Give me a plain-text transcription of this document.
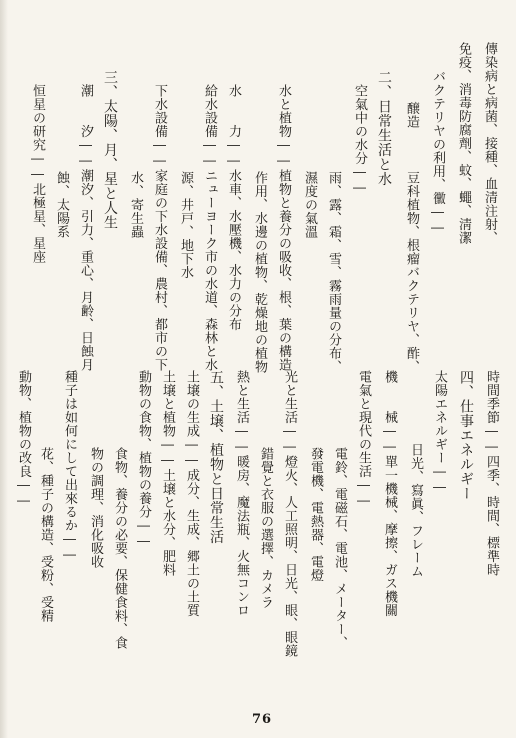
傳染病と病菌、接種、血清注射、
免疫、消毒防腐劑、蚊、蠅、淸潔
バクテリヤの利用、黴――
　醸造　　 豆科植物、根瘤バクテリヤ、酢、
二、日常生活と水
空氣中の水分――
　　雨、露、霜、雪、霧雨量の分布、
　　濕度の氣溫
水と植物――植物と養分の吸收、根、葉の構造
　　作用、水邊の植物、乾燥地の植物
水　　力――水車、水壓機、水力の分布
給水設備――ニューヨーク市の水道、森林と水
　　源、井戸、地下水
下水設備――家庭の下水設備、農村、都市の下
　　水、寄生蟲
三、太陽、月、星と人生
潮　　汐――潮汐、引力、重心、月齢、日蝕月
　　蝕、太陽系
恒星の研究――北極星、星座
時間季節――四季、時間、標準時
四、仕事エネルギー
太陽エネルギー――
　　日光、寫眞、フレーム
機　　械――單一機械、摩擦、ガス機關
電氣と現代の生活――
　　電鈴、電磁石、電池、メーター、
　　發電機、電熱器、電燈
光と生活――燈火、人工照明、日光、眼、眼鏡
　　錯覺と衣服の選擇、カメラ
熱と生活――暖房、魔法瓶、火無コンロ
五、土壌、植物と日常生活
土壌の生成――成分、生成、郷土の土質
土壌と植物――土壌と水分、肥料
動物の食物、植物の養分――
　　食物、養分の必要、保健食料、食
　　物の調理、消化吸收
種子は如何にして出來るか――
　　花、種子の構造、受粉、受精
動物、植物の改良――
76
